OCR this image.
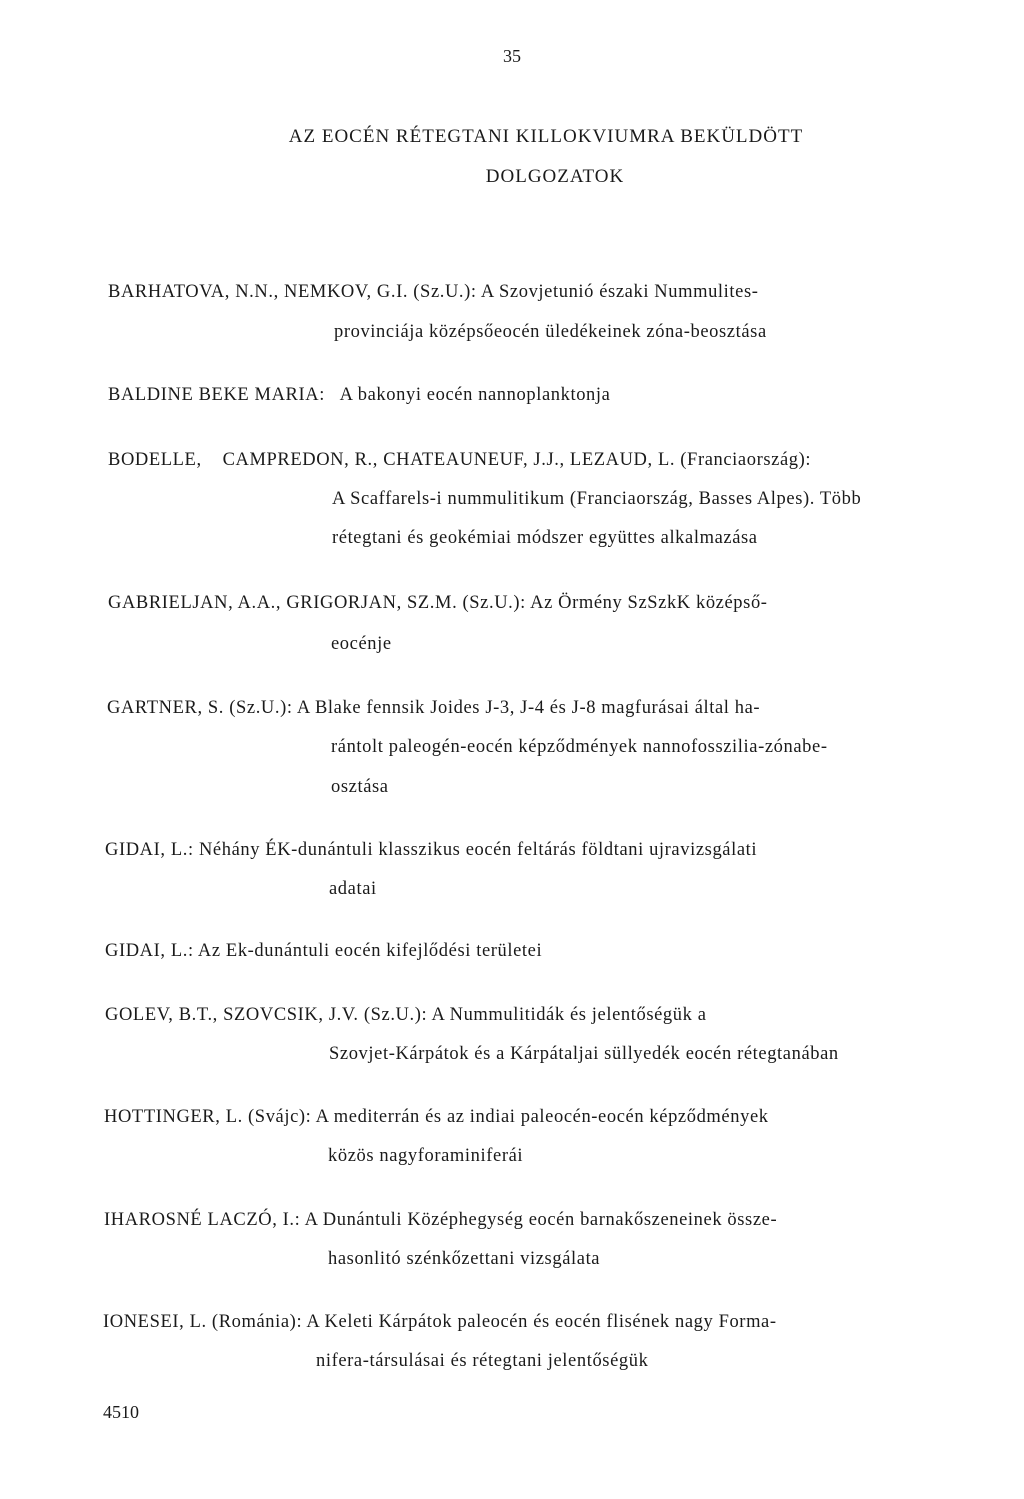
35
AZ EOCÉN RÉTEGTANI KILLOKVIUMRA BEKÜLDÖTT
DOLGOZATOK
BARHATOVA, N.N., NEMKOV, G.I. (Sz.U.): A Szovjetunió északi Nummulites-
provinciája középsőeocén üledékeinek zóna-beosztása
BALDINE BEKE MARIA:   A bakonyi eocén nannoplanktonja
BODELLE,    CAMPREDON, R., CHATEAUNEUF, J.J., LEZAUD, L. (Franciaország):
A Scaffarels-i nummulitikum (Franciaország, Basses Alpes). Több
rétegtani és geokémiai módszer együttes alkalmazása
GABRIELJAN, A.A., GRIGORJAN, SZ.M. (Sz.U.): Az Örmény SzSzkK középső-
eocénje
GARTNER, S. (Sz.U.): A Blake fennsik Joides J-3, J-4 és J-8 magfurásai által ha-
rántolt paleogén-eocén képződmények nannofosszilia-zónabe-
osztása
GIDAI, L.: Néhány ÉK-dunántuli klasszikus eocén feltárás földtani ujravizsgálati
adatai
GIDAI, L.: Az Ek-dunántuli eocén kifejlődési területei
GOLEV, B.T., SZOVCSIK, J.V. (Sz.U.): A Nummulitidák és jelentőségük a
Szovjet-Kárpátok és a Kárpátaljai süllyedék eocén rétegtanában
HOTTINGER, L. (Svájc): A mediterrán és az indiai paleocén-eocén képződmények
közös nagyforaminiferái
IHAROSNÉ LACZÓ, I.: A Dunántuli Középhegység eocén barnakőszeneinek össze-
hasonlitó szénkőzettani vizsgálata
IONESEI, L. (Románia): A Keleti Kárpátok paleocén és eocén flisének nagy Forma-
nifera-társulásai és rétegtani jelentőségük
4510
